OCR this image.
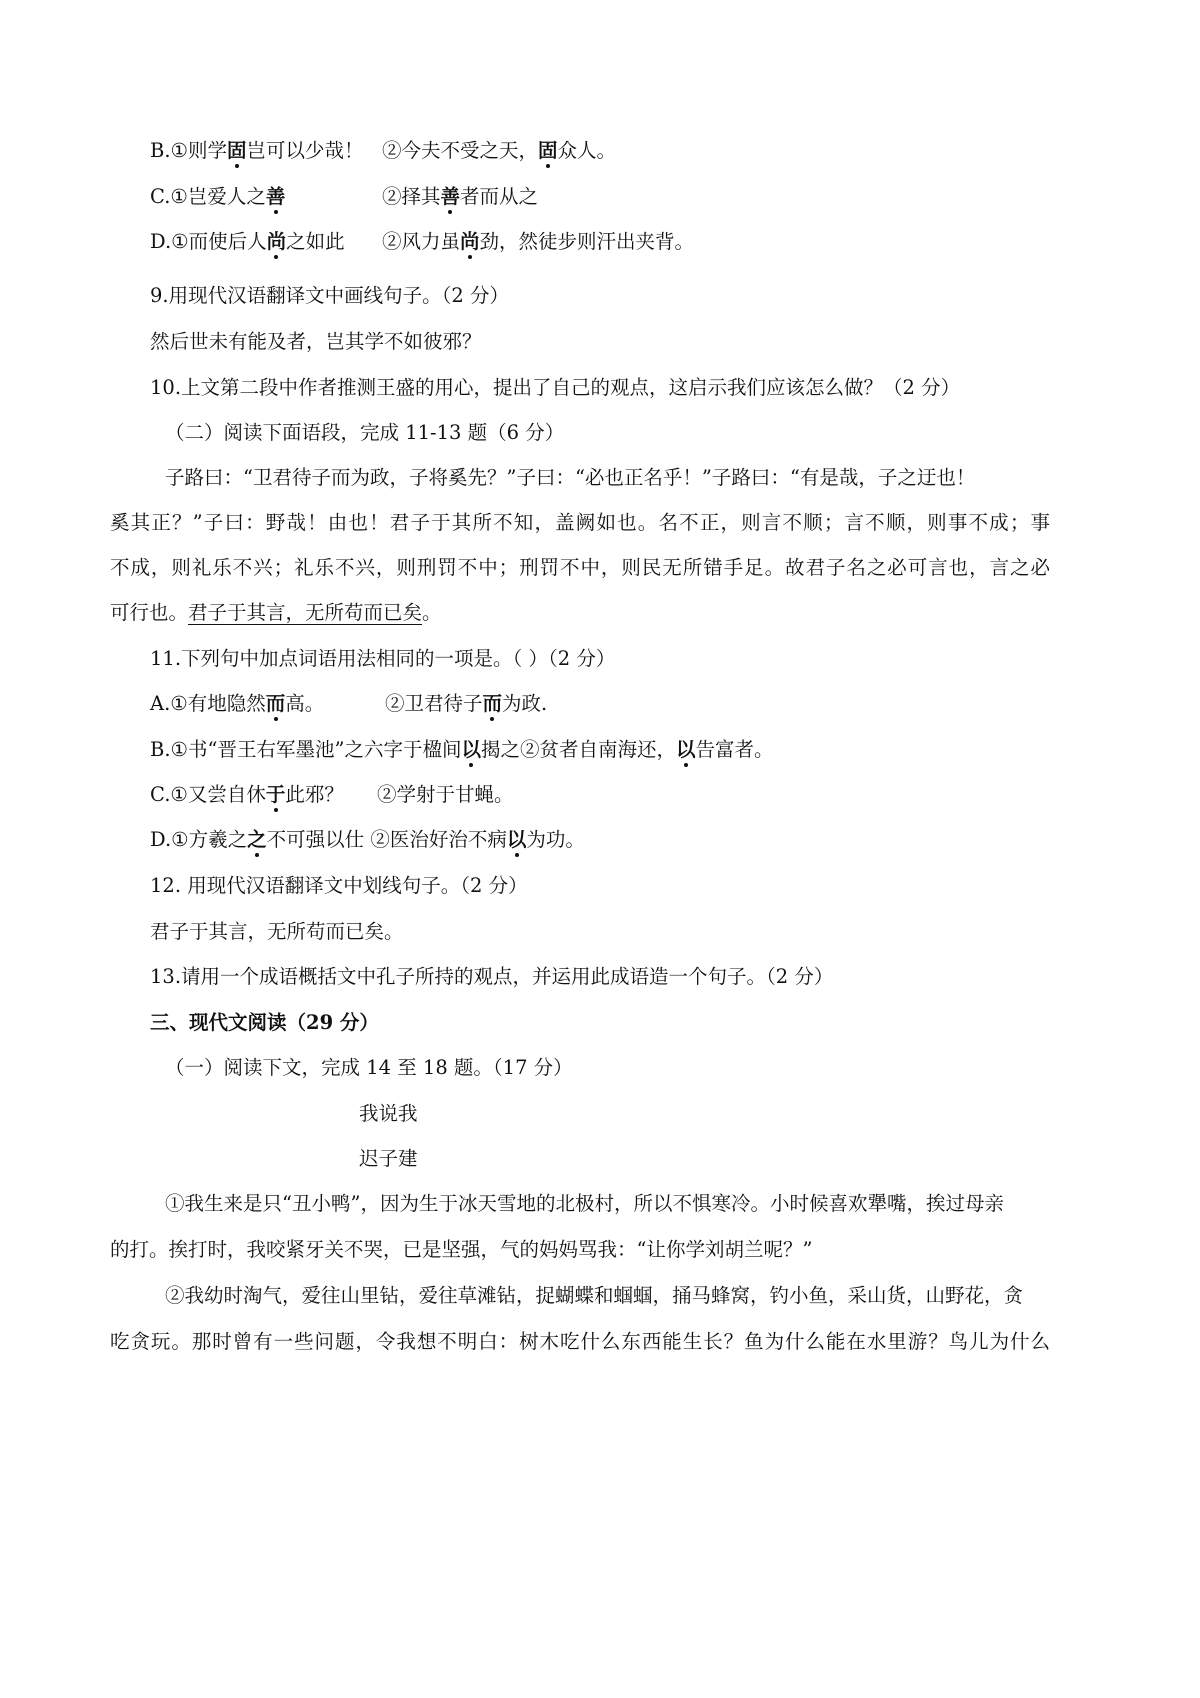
B.①则学固岂可以少哉！ ②今夫不受之天，固众人。
C.①岂爱人之善	②择其善者而从之
D.①而使后人尚之如此 ②风力虽尚劲，然徒步则汗出夹背。
9.用现代汉语翻译文中画线句子。（2 分）
然后世未有能及者，岂其学不如彼邪？
10.上文第二段中作者推测王盛的用心，提出了自己的观点，这启示我们应该怎么做？（2 分）
（二）阅读下面语段，完成 11-13 题（6 分）
子路曰：“卫君待子而为政，子将奚先？”子曰：“必也正名乎！”子路曰：“有是哉，子之迂也！
奚其正？”子曰：野哉！由也！君子于其所不知，盖阙如也。名不正，则言不顺；言不顺，则事不成；事
不成，则礼乐不兴；礼乐不兴，则刑罚不中；刑罚不中，则民无所错手足。故君子名之必可言也，言之必
可行也。君子于其言，无所苟而已矣。
11.下列句中加点词语用法相同的一项是。（ ）（2 分）
A.①有地隐然而高。	②卫君待子而为政.
B.①书“晋王右军墨池”之六字于楹间以揭之②贫者自南海还，以告富者。
C.①又尝自休于此邪？ ②学射于甘蝇。
D.①方羲之之不可强以仕 ②医治好治不病以为功。
12. 用现代汉语翻译文中划线句子。（2 分）
君子于其言，无所苟而已矣。
13.请用一个成语概括文中孔子所持的观点，并运用此成语造一个句子。（2 分）
三、现代文阅读（29 分）
（一）阅读下文，完成 14 至 18 题。（17 分）
我说我
迟子建
①我生来是只“丑小鸭”，因为生于冰天雪地的北极村，所以不惧寒冷。小时候喜欢犟嘴，挨过母亲
的打。挨打时，我咬紧牙关不哭，已是坚强，气的妈妈骂我：“让你学刘胡兰呢？”
②我幼时淘气，爱往山里钻，爱往草滩钻，捉蝴蝶和蝈蝈，捅马蜂窝，钓小鱼，采山货，山野花，贪
吃贪玩。那时曾有一些问题，令我想不明白：树木吃什么东西能生长？鱼为什么能在水里游？鸟儿为什么
